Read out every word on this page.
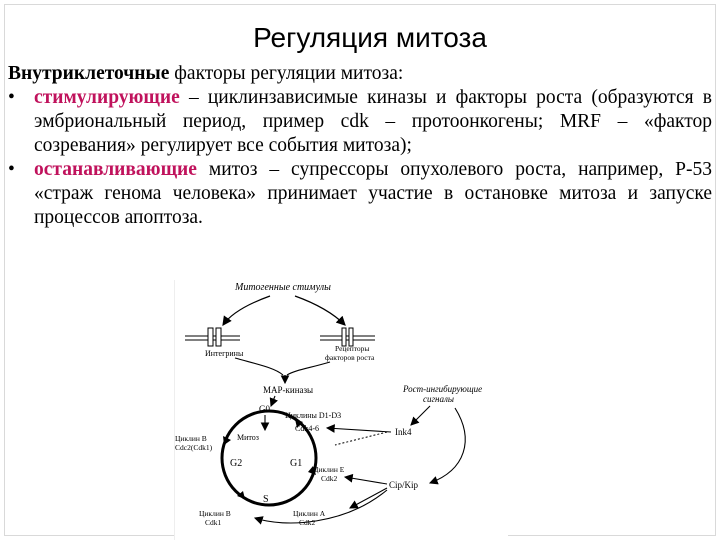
Регуляция митоза
Внутриклеточные факторы регуляции митоза:
• стимулирующие – циклинзависимые киназы и факторы роста (образуются в эмбриональный период, пример cdk – протоонкогены; MRF – «фактор созревания» регулирует все события митоза);
• останавливающие митоз – супрессоры опухолевого роста, например, Р-53 «страж генома человека» принимает участие в остановке митоза и запуске процессов апоптоза.
Митогенные стимулы
Интегрины
Рецепторы
факторов роста
MAP-киназы	Рост-ингибирующие
сигналы
G0
Циклины D1-D3
Cdk4-6
Циклин В
Cdc2(Cdk1)
Митоз
G2	G1
S
Ink4
Циклин Е
Cdk2
Cip/Kip
Циклин В
Cdk1
Циклин А
Cdk2
